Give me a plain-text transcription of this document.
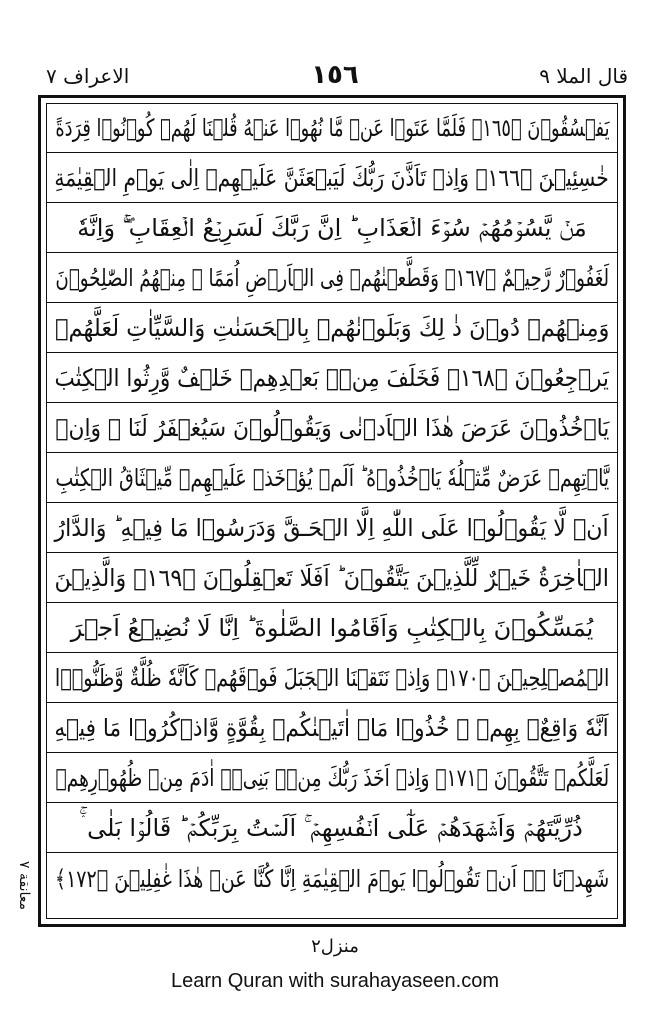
الاعراف ٧	١٥٦	قال الملا ٩
يَفۡسُقُوۡنَ ﴿١٦٥﴾ فَلَمَّا عَتَوۡا عَنۡ مَّا نُهُوۡا عَنۡهُ قُلۡنَا لَهُمۡ كُوۡنُوۡا قِرَدَةً
خٰسِئِيۡنَ ﴿١٦٦﴾ وَاِذۡ تَاَذَّنَ رَبُّكَ لَيَبۡعَثَنَّ عَلَيۡهِمۡ اِلٰى يَوۡمِ الۡقِيٰمَةِ
مَنۡ يَّسُوۡمُهُمۡ سُوۡٓءَ الۡعَذَابِ ؕ اِنَّ رَبَّكَ لَسَرِيۡعُ الۡعِقَابِ ۖۚ وَاِنَّهٗ
لَغَفُوۡرٌ رَّحِيۡمٌ ﴿١٦٧﴾ وَقَطَّعۡنٰهُمۡ فِى الۡاَرۡضِ اُمَمًا ۚ مِنۡهُمُ الصّٰلِحُوۡنَ
وَمِنۡهُمۡ دُوۡنَ ذٰ لِكَ وَبَلَوۡنٰهُمۡ بِالۡحَسَنٰتِ وَالسَّيِّاٰتِ لَعَلَّهُمۡ
يَرۡجِعُوۡنَ ﴿١٦٨﴾ فَخَلَفَ مِنۡۢ بَعۡدِهِمۡ خَلۡفٌ وَّرِثُوا الۡكِتٰبَ
يَاۡخُذُوۡنَ عَرَضَ هٰذَا الۡاَدۡنٰى وَيَقُوۡلُوۡنَ سَيُغۡفَرُ لَنَا ۚ وَاِنۡ
يَّاۡتِهِمۡ عَرَضٌ مِّثۡلُهٗ يَاۡخُذُوۡهُ ؕ اَلَمۡ يُؤۡخَذۡ عَلَيۡهِمۡ مِّيۡثَاقُ الۡكِتٰبِ
اَنۡ لَّا يَقُوۡلُوۡا عَلَى اللّٰهِ اِلَّا الۡحَـقَّ وَدَرَسُوۡا مَا فِيۡهِ ؕ وَالدَّارُ
الۡاٰخِرَةُ خَيۡرٌ لِّلَّذِيۡنَ يَتَّقُوۡنَ ؕ اَفَلَا تَعۡقِلُوۡنَ ﴿١٦٩﴾ وَالَّذِيۡنَ
يُمَسِّكُوۡنَ بِالۡكِتٰبِ وَاَقَامُوا الصَّلٰوةَ ؕ اِنَّا لَا نُضِيۡعُ اَجۡرَ
الۡمُصۡلِحِيۡنَ ﴿١٧٠﴾ وَاِذۡ نَتَقۡنَا الۡجَبَلَ فَوۡقَهُمۡ كَاَنَّهٗ ظُلَّةٌ وَّظَنُّوۡۤا
اَنَّهٗ وَاقِعٌۢ بِهِمۡ ۚ خُذُوۡا مَاۤ اٰتَيۡنٰكُمۡ بِقُوَّةٍ وَّاذۡكُرُوۡا مَا فِيۡهِ
لَعَلَّكُمۡ تَتَّقُوۡنَ ﴿١٧١﴾ وَاِذۡ اَخَذَ رَبُّكَ مِنۡۢ بَنِىۡۤ اٰدَمَ مِنۡ ظُهُوۡرِهِمۡ
ذُرِّيَّتَهُمۡ وَاَشۡهَدَهُمۡ عَلٰٓى اَنۡفُسِهِمۡ ۚ اَلَسۡتُ بِرَبِّكُمۡ ؕ قَالُوۡا بَلٰى ۛۚ
شَهِدۡنَا ۛۚ اَنۡ تَقُوۡلُوۡا يَوۡمَ الۡقِيٰمَةِ اِنَّا كُنَّا عَنۡ هٰذَا غٰفِلِيۡنَ ﴿١٧٢﴾
معانقة ٧
منزل٢
Learn Quran with surahayaseen.com
